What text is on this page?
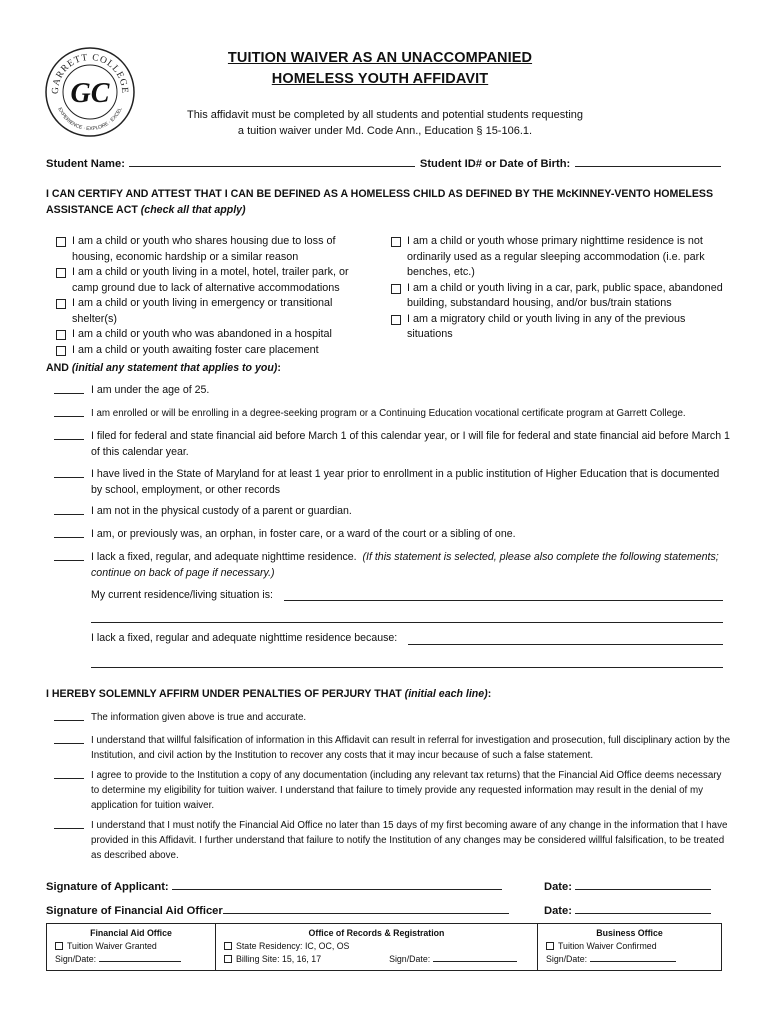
GARRETT COLLEGE
EXPERIENCE · EXPLORE · EXCEL
GC
TUITION WAIVER AS AN UNACCOMPANIED
HOMELESS YOUTH AFFIDAVIT
This affidavit must be completed by all students and potential students requesting
a tuition waiver under Md. Code Ann., Education § 15-106.1.
Student Name:	Student ID# or Date of Birth:
I CAN CERTIFY AND ATTEST THAT I CAN BE DEFINED AS A HOMELESS CHILD AS DEFINED BY THE McKINNEY-VENTO HOMELESS ASSISTANCE ACT (check all that apply)
I am a child or youth who shares housing due to loss of housing, economic hardship or a similar reason
I am a child or youth living in a motel, hotel, trailer park, or camp ground due to lack of alternative accommodations
I am a child or youth living in emergency or transitional shelter(s)
I am a child or youth who was abandoned in a hospital
I am a child or youth awaiting foster care placement
I am a child or youth whose primary nighttime residence is not ordinarily used as a regular sleeping accommodation (i.e. park benches, etc.)
I am a child or youth living in a car, park, public space, abandoned building, substandard housing, and/or bus/train stations
I am a migratory child or youth living in any of the previous situations
AND (initial any statement that applies to you):
I am under the age of 25.
I am enrolled or will be enrolling in a degree-seeking program or a Continuing Education vocational certificate program at Garrett College.
I filed for federal and state financial aid before March 1 of this calendar year, or I will file for federal and state financial aid before March 1 of this calendar year.
I have lived in the State of Maryland for at least 1 year prior to enrollment in a public institution of Higher Education that is documented by school, employment, or other records
I am not in the physical custody of a parent or guardian.
I am, or previously was, an orphan, in foster care, or a ward of the court or a sibling of one.
I lack a fixed, regular, and adequate nighttime residence. (If this statement is selected, please also complete the following statements; continue on back of page if necessary.)
My current residence/living situation is:
I lack a fixed, regular and adequate nighttime residence because:
I HEREBY SOLEMNLY AFFIRM UNDER PENALTIES OF PERJURY THAT (initial each line):
The information given above is true and accurate.
I understand that willful falsification of information in this Affidavit can result in referral for investigation and prosecution, full disciplinary action by the Institution, and civil action by the Institution to recover any costs that it may incur because of such a false statement.
I agree to provide to the Institution a copy of any documentation (including any relevant tax returns) that the Financial Aid Office deems necessary to determine my eligibility for tuition waiver. I understand that failure to timely provide any requested information may result in the denial of my application for tuition waiver.
I understand that I must notify the Financial Aid Office no later than 15 days of my first becoming aware of any change in the information that I have provided in this Affidavit. I further understand that failure to notify the Institution of any changes may be considered willful falsification, to be treated as described above.
Signature of Applicant:	Date:
Signature of Financial Aid Officer	Date:
Financial Aid Office
Tuition Waiver Granted
Sign/Date:

Office of Records & Registration
State Residency: IC, OC, OS
Billing Site: 15, 16, 17	Sign/Date:

Business Office
Tuition Waiver Confirmed
Sign/Date:
